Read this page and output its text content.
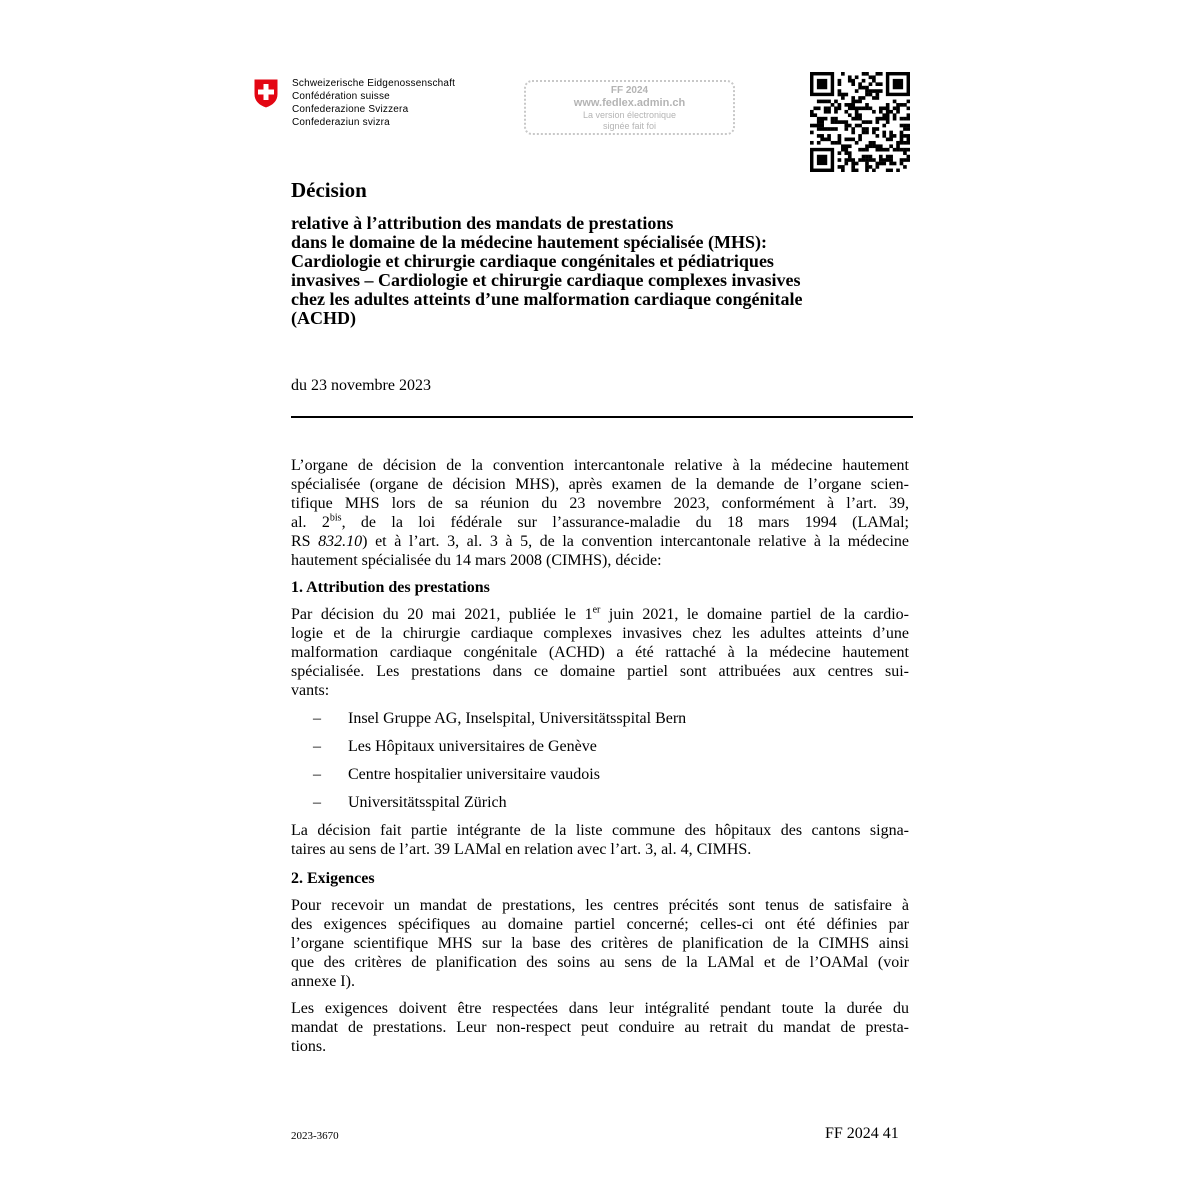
Schweizerische Eidgenossenschaft
Confédération suisse
Confederazione Svizzera
Confederaziun svizra
FF 2024
www.fedlex.admin.ch
La version électronique
signée fait foi
Décision
relative à l’attribution des mandats de prestations
dans le domaine de la médecine hautement spécialisée (MHS):
Cardiologie et chirurgie cardiaque congénitales et pédiatriques
invasives – Cardiologie et chirurgie cardiaque complexes invasives
chez les adultes atteints d’une malformation cardiaque congénitale
(ACHD)
du 23 novembre 2023
L’organe de décision de la convention intercantonale relative à la médecine hautement
spécialisée (organe de décision MHS), après examen de la demande de l’organe scien-
tifique MHS lors de sa réunion du 23 novembre 2023, conformément à l’art. 39,
al. $2^{bis}$, de la loi fédérale sur l’assurance-maladie du 18 mars 1994 (LAMal;
RS 832.10) et à l’art. 3, al. 3 à 5, de la convention intercantonale relative à la médecine
hautement spécialisée du 14 mars 2008 (CIMHS), décide:
1. Attribution des prestations
Par décision du 20 mai 2021, publiée le 1er juin 2021, le domaine partiel de la cardio-
logie et de la chirurgie cardiaque complexes invasives chez les adultes atteints d’une
malformation cardiaque congénitale (ACHD) a été rattaché à la médecine hautement
spécialisée. Les prestations dans ce domaine partiel sont attribuées aux centres sui-
vants:
– Insel Gruppe AG, Inselspital, Universitätsspital Bern
– Les Hôpitaux universitaires de Genève
– Centre hospitalier universitaire vaudois
– Universitätsspital Zürich
La décision fait partie intégrante de la liste commune des hôpitaux des cantons signa-
taires au sens de l’art. 39 LAMal en relation avec l’art. 3, al. 4, CIMHS.
2. Exigences
Pour recevoir un mandat de prestations, les centres précités sont tenus de satisfaire à
des exigences spécifiques au domaine partiel concerné; celles-ci ont été définies par
l’organe scientifique MHS sur la base des critères de planification de la CIMHS ainsi
que des critères de planification des soins au sens de la LAMal et de l’OAMal (voir
annexe I).
Les exigences doivent être respectées dans leur intégralité pendant toute la durée du
mandat de prestations. Leur non-respect peut conduire au retrait du mandat de presta-
tions.
2023-3670	FF 2024 41
